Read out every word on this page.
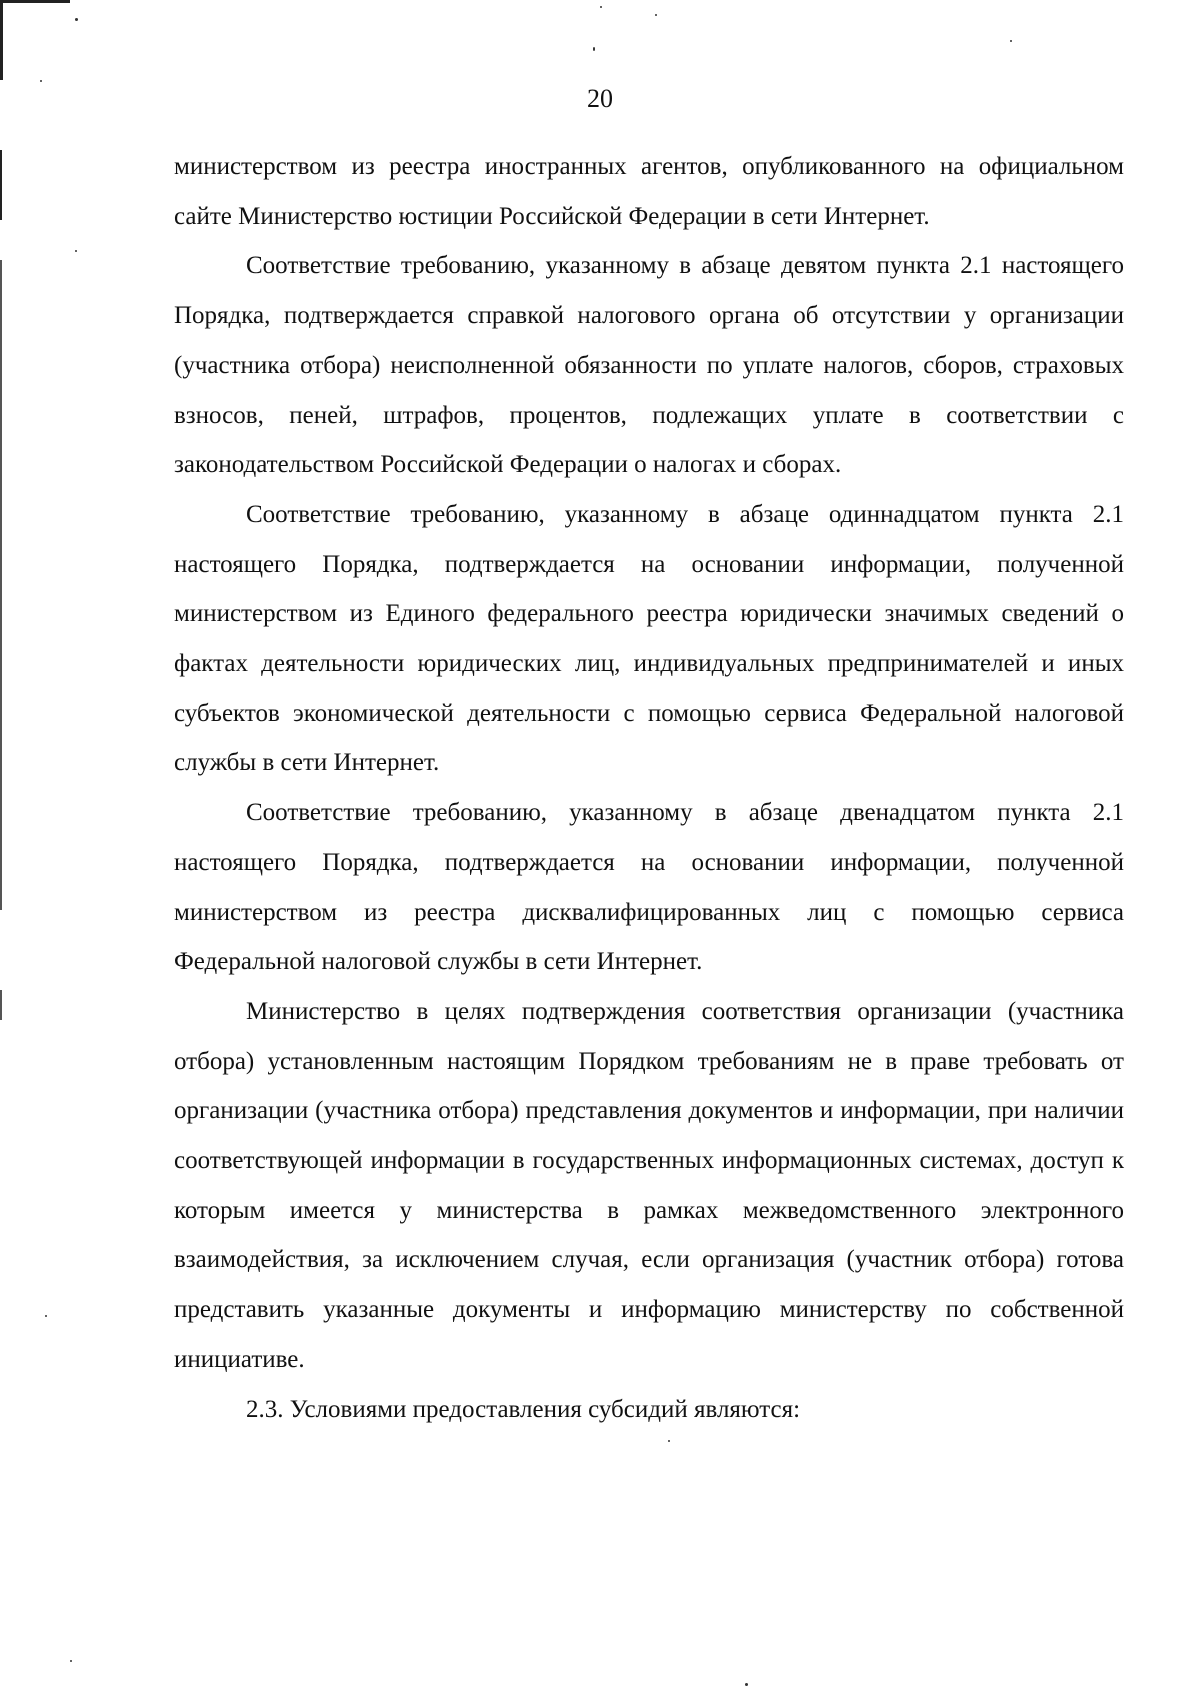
20

министерством из реестра иностранных агентов, опубликованного на официальном сайте Министерство юстиции Российской Федерации в сети Интернет.

Соответствие требованию, указанному в абзаце девятом пункта 2.1 настоящего Порядка, подтверждается справкой налогового органа об отсутствии у организации (участника отбора) неисполненной обязанности по уплате налогов, сборов, страховых взносов, пеней, штрафов, процентов, подлежащих уплате в соответствии с законодательством Российской Федерации о налогах и сборах.

Соответствие требованию, указанному в абзаце одиннадцатом пункта 2.1 настоящего Порядка, подтверждается на основании информации, полученной министерством из Единого федерального реестра юридически значимых сведений о фактах деятельности юридических лиц, индивидуальных предпринимателей и иных субъектов экономической деятельности с помощью сервиса Федеральной налоговой службы в сети Интернет.

Соответствие требованию, указанному в абзаце двенадцатом пункта 2.1 настоящего Порядка, подтверждается на основании информации, полученной министерством из реестра дисквалифицированных лиц с помощью сервиса Федеральной налоговой службы в сети Интернет.

Министерство в целях подтверждения соответствия организации (участника отбора) установленным настоящим Порядком требованиям не в праве требовать от организации (участника отбора) представления документов и информации, при наличии соответствующей информации в государственных информационных системах, доступ к которым имеется у министерства в рамках межведомственного электронного взаимодействия, за исключением случая, если организация (участник отбора) готова представить указанные документы и информацию министерству по собственной инициативе.

2.3. Условиями предоставления субсидий являются:
